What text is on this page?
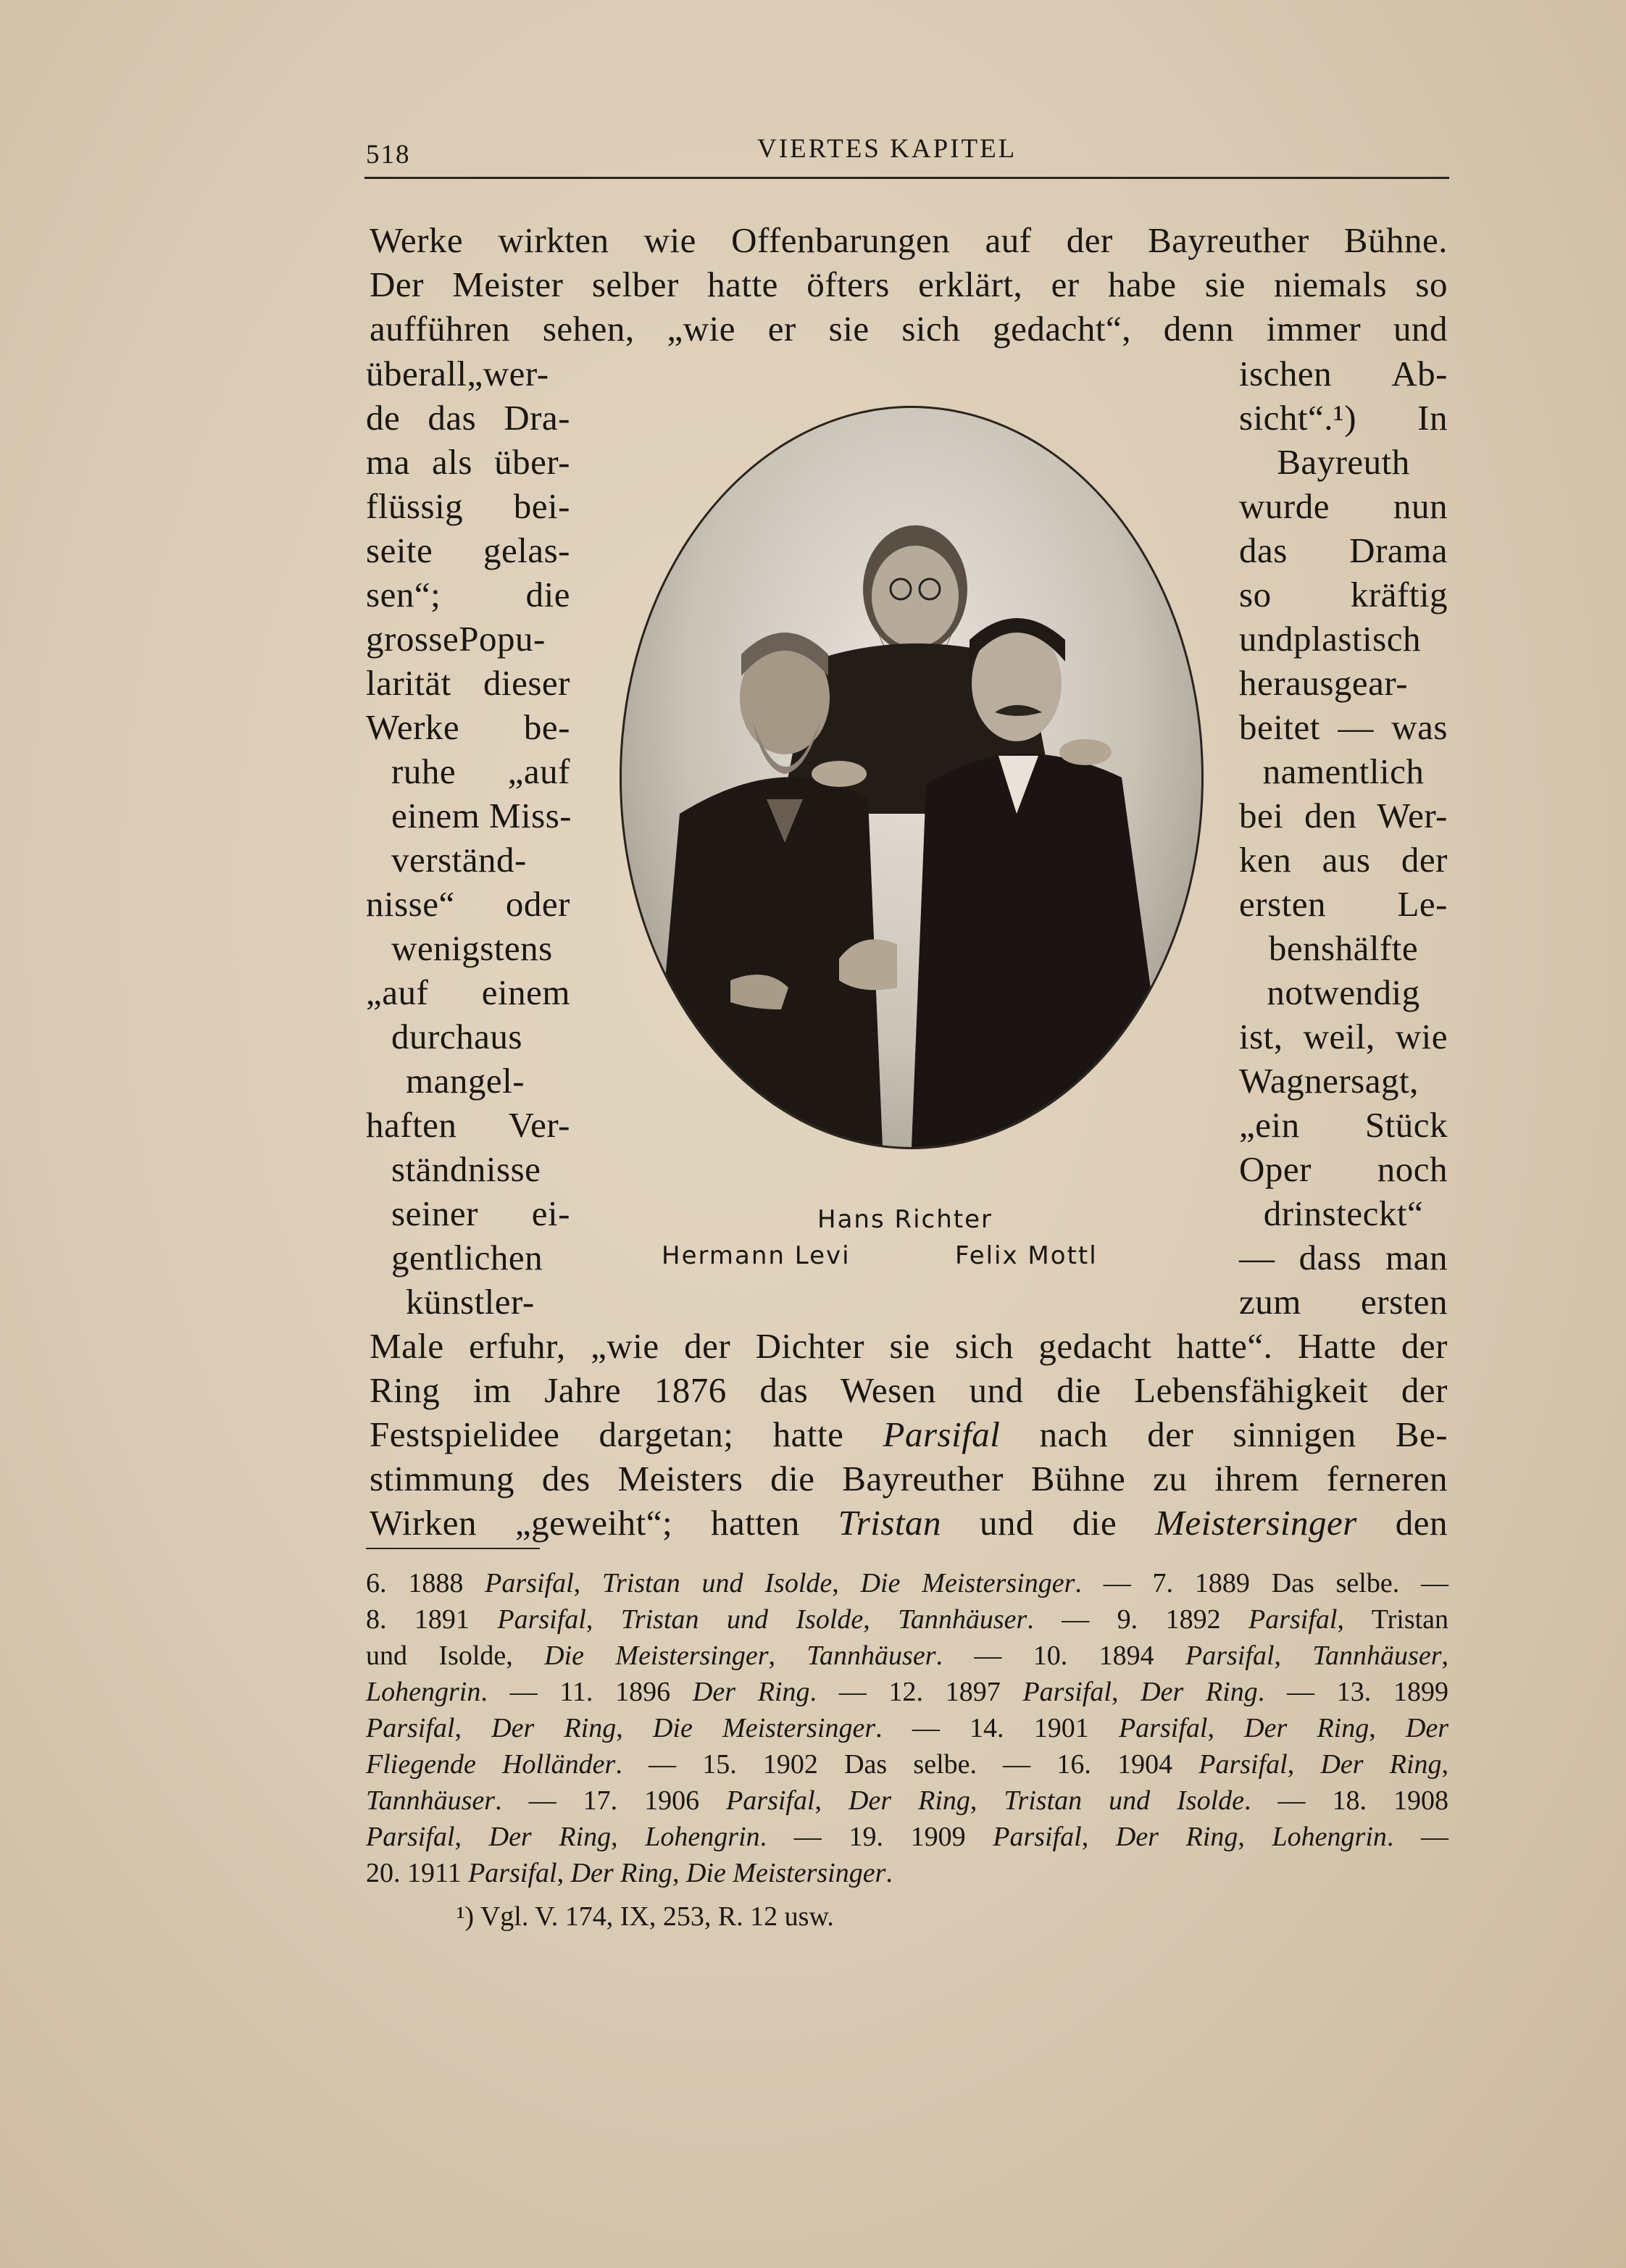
518	VIERTES KAPITEL
Werke wirkten wie Offenbarungen auf der Bayreuther Bühne.
Der Meister selber hatte öfters erklärt, er habe sie niemals so
aufführen sehen, „wie er sie sich gedacht“, denn immer und
überall„wer-
de das Dra-
ma als über-
flüssig bei-
seite gelas-
sen“; die
grossePopu-
larität dieser
Werke be-
ruhe „auf
einem Miss-
verständ-
nisse“ oder
wenigstens
„auf einem
durchaus
mangel-
haften Ver-
ständnisse
seiner ei-
gentlichen
künstler-
ischen Ab-
sicht“.¹) In
Bayreuth
wurde nun
das Drama
so kräftig
undplastisch
herausgear-
beitet — was
namentlich
bei den Wer-
ken aus der
ersten Le-
benshälfte
notwendig
ist, weil, wie
Wagnersagt,
„ein Stück
Oper noch
drinsteckt“
— dass man
zum ersten
Hans Richter
Hermann Levi	Felix Mottl
Male erfuhr, „wie der Dichter sie sich gedacht hatte“. Hatte der
Ring im Jahre 1876 das Wesen und die Lebensfähigkeit der
Festspielidee dargetan; hatte Parsifal nach der sinnigen Be-
stimmung des Meisters die Bayreuther Bühne zu ihrem ferneren
Wirken „geweiht“; hatten Tristan und die Meistersinger den
6. 1888 Parsifal, Tristan und Isolde, Die Meistersinger. — 7. 1889 Das selbe. —
8. 1891 Parsifal, Tristan und Isolde, Tannhäuser. — 9. 1892 Parsifal, Tristan
und Isolde, Die Meistersinger, Tannhäuser. — 10. 1894 Parsifal, Tannhäuser,
Lohengrin. — 11. 1896 Der Ring. — 12. 1897 Parsifal, Der Ring. — 13. 1899
Parsifal, Der Ring, Die Meistersinger. — 14. 1901 Parsifal, Der Ring, Der
Fliegende Holländer. — 15. 1902 Das selbe. — 16. 1904 Parsifal, Der Ring,
Tannhäuser. — 17. 1906 Parsifal, Der Ring, Tristan und Isolde. — 18. 1908
Parsifal, Der Ring, Lohengrin. — 19. 1909 Parsifal, Der Ring, Lohengrin. —
20. 1911 Parsifal, Der Ring, Die Meistersinger.
¹) Vgl. V. 174, IX, 253, R. 12 usw.
